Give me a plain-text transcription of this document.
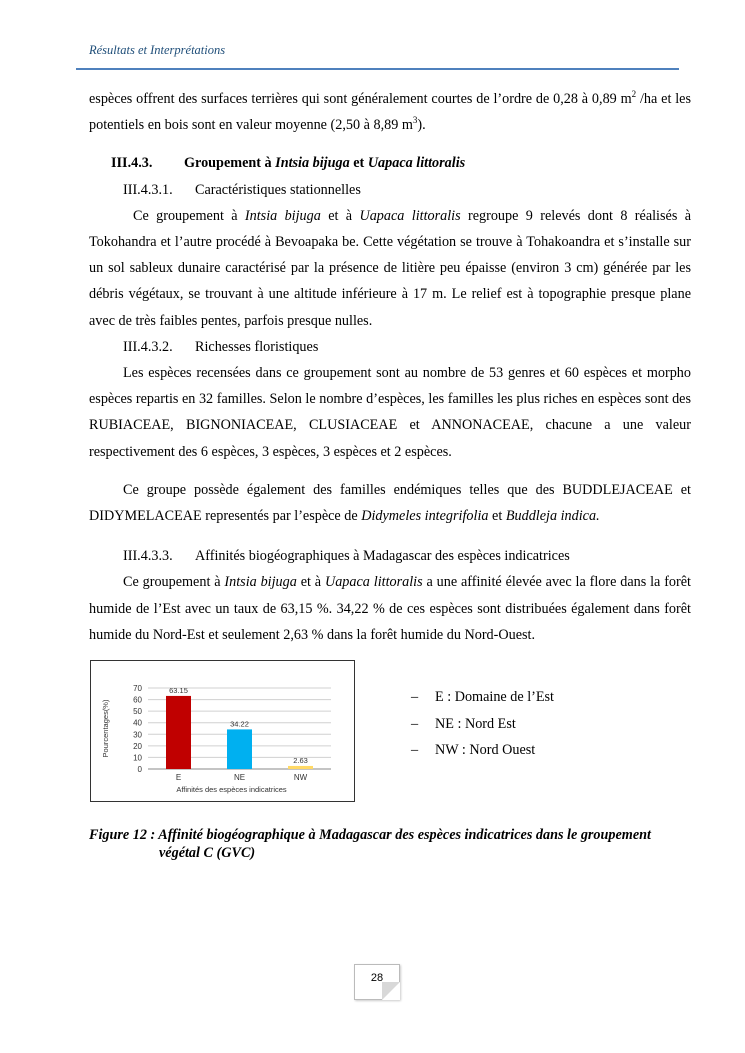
Résultats et Interprétations

espèces offrent des surfaces terrières qui sont généralement courtes de l’ordre de 0,28 à 0,89 $m^2$ /ha et les potentiels en bois sont en valeur moyenne (2,50 à 8,89 $m^3$).

III.4.3. Groupement à Intsia bijuga et Uapaca littoralis

III.4.3.1. Caractéristiques stationnelles

Ce groupement à Intsia bijuga et à Uapaca littoralis regroupe 9 relevés dont 8 réalisés à Tokohandra et l’autre procédé à Bevoapaka be. Cette végétation se trouve à Tohakoandra et s’installe sur un sol sableux dunaire caractérisé par la présence de litière peu épaisse (environ 3 cm) générée par les débris végétaux, se trouvant à une altitude inférieure à 17 m. Le relief est à topographie presque plane avec de très faibles pentes, parfois presque nulles.

III.4.3.2. Richesses floristiques

Les espèces recensées dans ce groupement sont au nombre de 53 genres et 60 espèces et morpho espèces repartis en 32 familles. Selon le nombre d’espèces, les familles les plus riches en espèces sont des RUBIACEAE, BIGNONIACEAE, CLUSIACEAE et ANNONACEAE, chacune a une valeur respectivement des 6 espèces, 3 espèces, 3 espèces et 2 espèces.

Ce groupe possède également des familles endémiques telles que des BUDDLEJACEAE et DIDYMELACEAE representés par l’espèce de Didymeles integrifolia et Buddleja indica.

III.4.3.3. Affinités biogéographiques à Madagascar des espèces indicatrices

Ce groupement à Intsia bijuga et à Uapaca littoralis a une affinité élevée avec la flore dans la forêt humide de l’Est avec un taux de 63,15 %. 34,22 % de ces espèces sont distribuées également dans forêt humide du Nord-Est et seulement 2,63 % dans la forêt humide du Nord-Ouest.

0
10
20
30
40
50
60
70	63.15
E
34.22
NE
2.63
NW
Affinités des espèces indicatrices
Pourcentages(%)
– E : Domaine de l’Est
– NE : Nord Est
– NW : Nord Ouest
Figure 12 : Affinité biogéographique à Madagascar des espèces indicatrices dans le groupement
végétal C (GVC)
28
